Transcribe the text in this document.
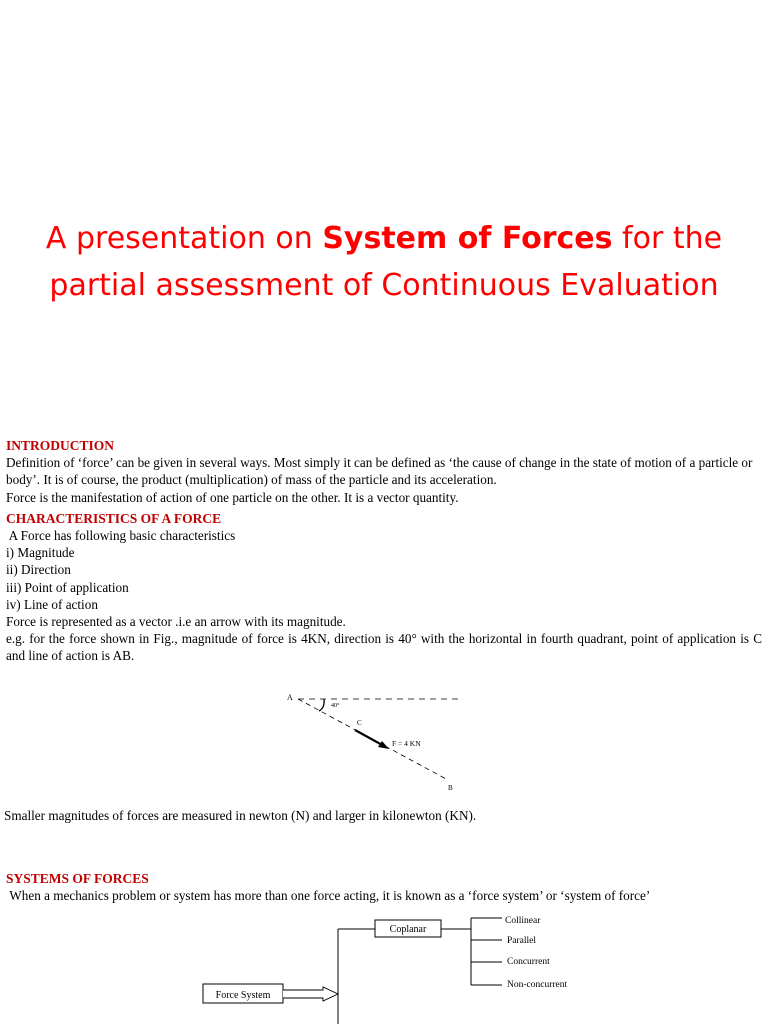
A presentation on System of Forces for the partial assessment of Continuous Evaluation

INTRODUCTION

Definition of ‘force’ can be given in several ways. Most simply it can be defined as ‘the cause of change in the state of motion of a particle or body’. It is of course, the product (multiplication) of mass of the particle and its acceleration.

Force is the manifestation of action of one particle on the other. It is a vector quantity.

CHARACTERISTICS OF A FORCE

A Force has following basic characteristics

i) Magnitude

ii) Direction

iii) Point of application

iv) Line of action

Force is represented as a vector .i.e an arrow with its magnitude.

e.g. for the force shown in Fig., magnitude of force is 4KN, direction is 40° with the horizontal in fourth quadrant, point of application is C and line of action is AB.

A
40°
C
F = 4 KN
B

Smaller magnitudes of forces are measured in newton (N) and larger in kilonewton (KN).

SYSTEMS OF FORCES

When a mechanics problem or system has more than one force acting, it is known as a ‘force system’ or ‘system of force’

Coplanar
Collinear
Parallel
Concurrent
Non-concurrent
Force System
